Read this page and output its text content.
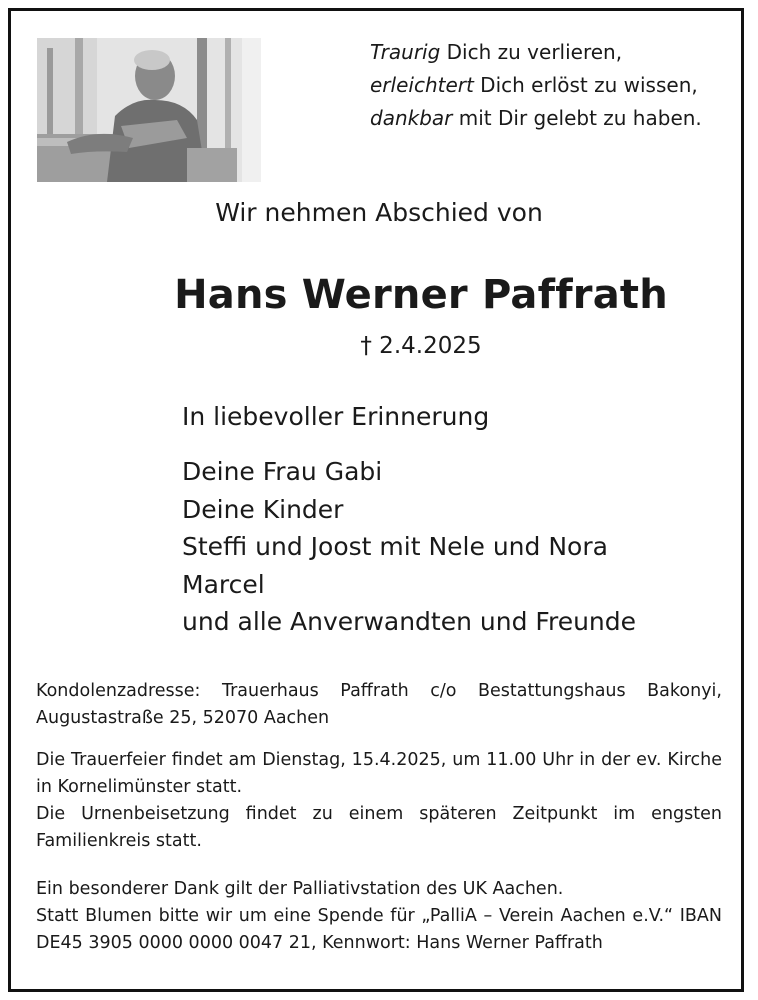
Traurig Dich zu verlieren,
erleichtert Dich erlöst zu wissen,
dankbar mit Dir gelebt zu haben.
Wir nehmen Abschied von
Hans Werner Paffrath
† 2.4.2025
In liebevoller Erinnerung
Deine Frau Gabi
Deine Kinder
Steffi und Joost mit Nele und Nora
Marcel
und alle Anverwandten und Freunde
Kondolenzadresse: Trauerhaus Paffrath c/o Bestattungshaus Bakonyi, Augustastraße 25, 52070 Aachen
Die Trauerfeier findet am Dienstag, 15.4.2025, um 11.00 Uhr in der ev. Kirche in Kornelimünster statt.
Die Urnenbeisetzung findet zu einem späteren Zeitpunkt im engsten Familienkreis statt.
Ein besonderer Dank gilt der Palliativstation des UK Aachen.
Statt Blumen bitte wir um eine Spende für „PalliA – Verein Aachen e.V.“ IBAN DE45 3905 0000 0000 0047 21, Kennwort: Hans Werner Paffrath
